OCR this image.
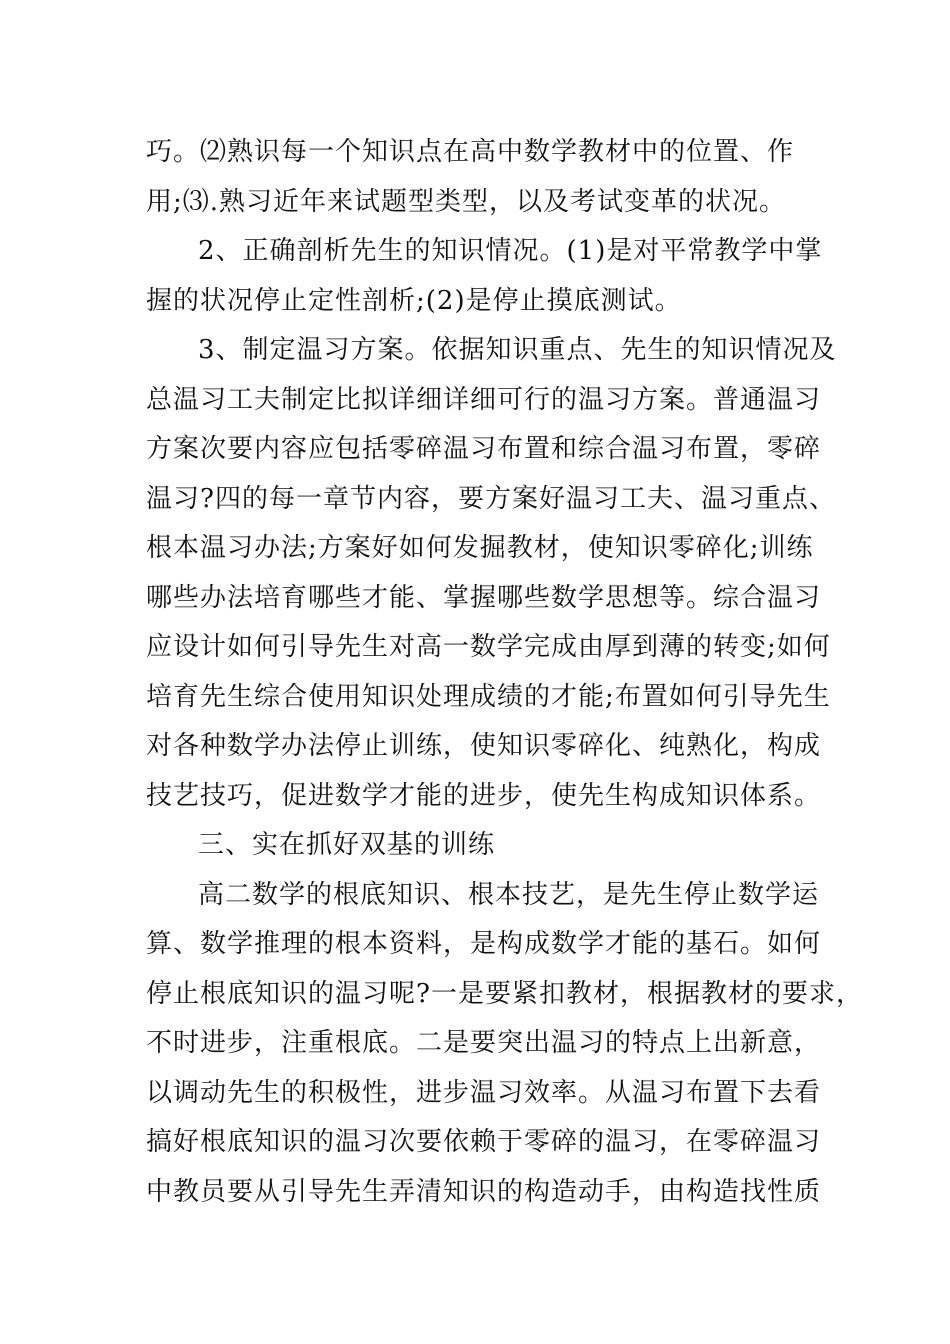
巧。⑵熟识每一个知识点在高中数学教材中的位置、作
用;⑶.熟习近年来试题型类型，以及考试变革的状况。
2、正确剖析先生的知识情况。(1)是对平常教学中掌
握的状况停止定性剖析;(2)是停止摸底测试。
3、制定温习方案。依据知识重点、先生的知识情况及
总温习工夫制定比拟详细详细可行的温习方案。普通温习
方案次要内容应包括零碎温习布置和综合温习布置，零碎
温习?四的每一章节内容，要方案好温习工夫、温习重点、
根本温习办法;方案好如何发掘教材，使知识零碎化;训练
哪些办法培育哪些才能、掌握哪些数学思想等。综合温习
应设计如何引导先生对高一数学完成由厚到薄的转变;如何
培育先生综合使用知识处理成绩的才能;布置如何引导先生
对各种数学办法停止训练，使知识零碎化、纯熟化，构成
技艺技巧，促进数学才能的进步，使先生构成知识体系。
三、实在抓好双基的训练
高二数学的根底知识、根本技艺，是先生停止数学运
算、数学推理的根本资料，是构成数学才能的基石。如何
停止根底知识的温习呢?一是要紧扣教材，根据教材的要求，
不时进步，注重根底。二是要突出温习的特点上出新意，
以调动先生的积极性，进步温习效率。从温习布置下去看
搞好根底知识的温习次要依赖于零碎的温习，在零碎温习
中教员要从引导先生弄清知识的构造动手，由构造找性质
